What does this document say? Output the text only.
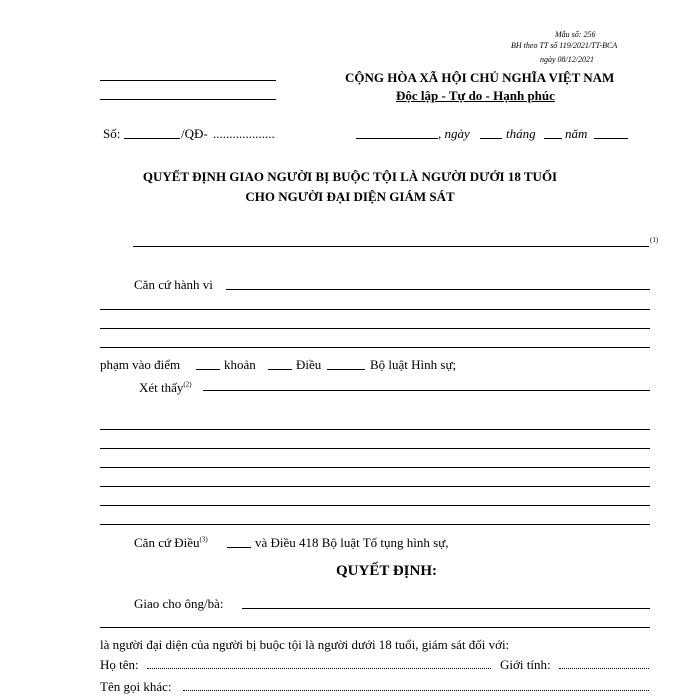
Mẫu số: 256
BH theo TT số 119/2021/TT-BCA
ngày 08/12/2021
CỘNG HÒA XÃ HỘI CHỦ NGHĨA VIỆT NAM
Độc lập - Tự do - Hạnh phúc
Số:	/QĐ- ...................	, ngày	tháng năm
QUYẾT ĐỊNH GIAO NGƯỜI BỊ BUỘC TỘI LÀ NGƯỜI DƯỚI 18 TUỔI
CHO NGƯỜI ĐẠI DIỆN GIÁM SÁT
(1)
Căn cứ hành vi
phạm vào điểm	khoản	Điều	Bộ luật Hình sự;
Xét thấy$^{(2)}$
Căn cứ Điều$^{(3)}$	và Điều 418 Bộ luật Tố tụng hình sự,
QUYẾT ĐỊNH:
Giao cho ông/bà:
là người đại diện của người bị buộc tội là người dưới 18 tuổi, giám sát đối với:
Họ tên:	Giới tính:
Tên gọi khác:
